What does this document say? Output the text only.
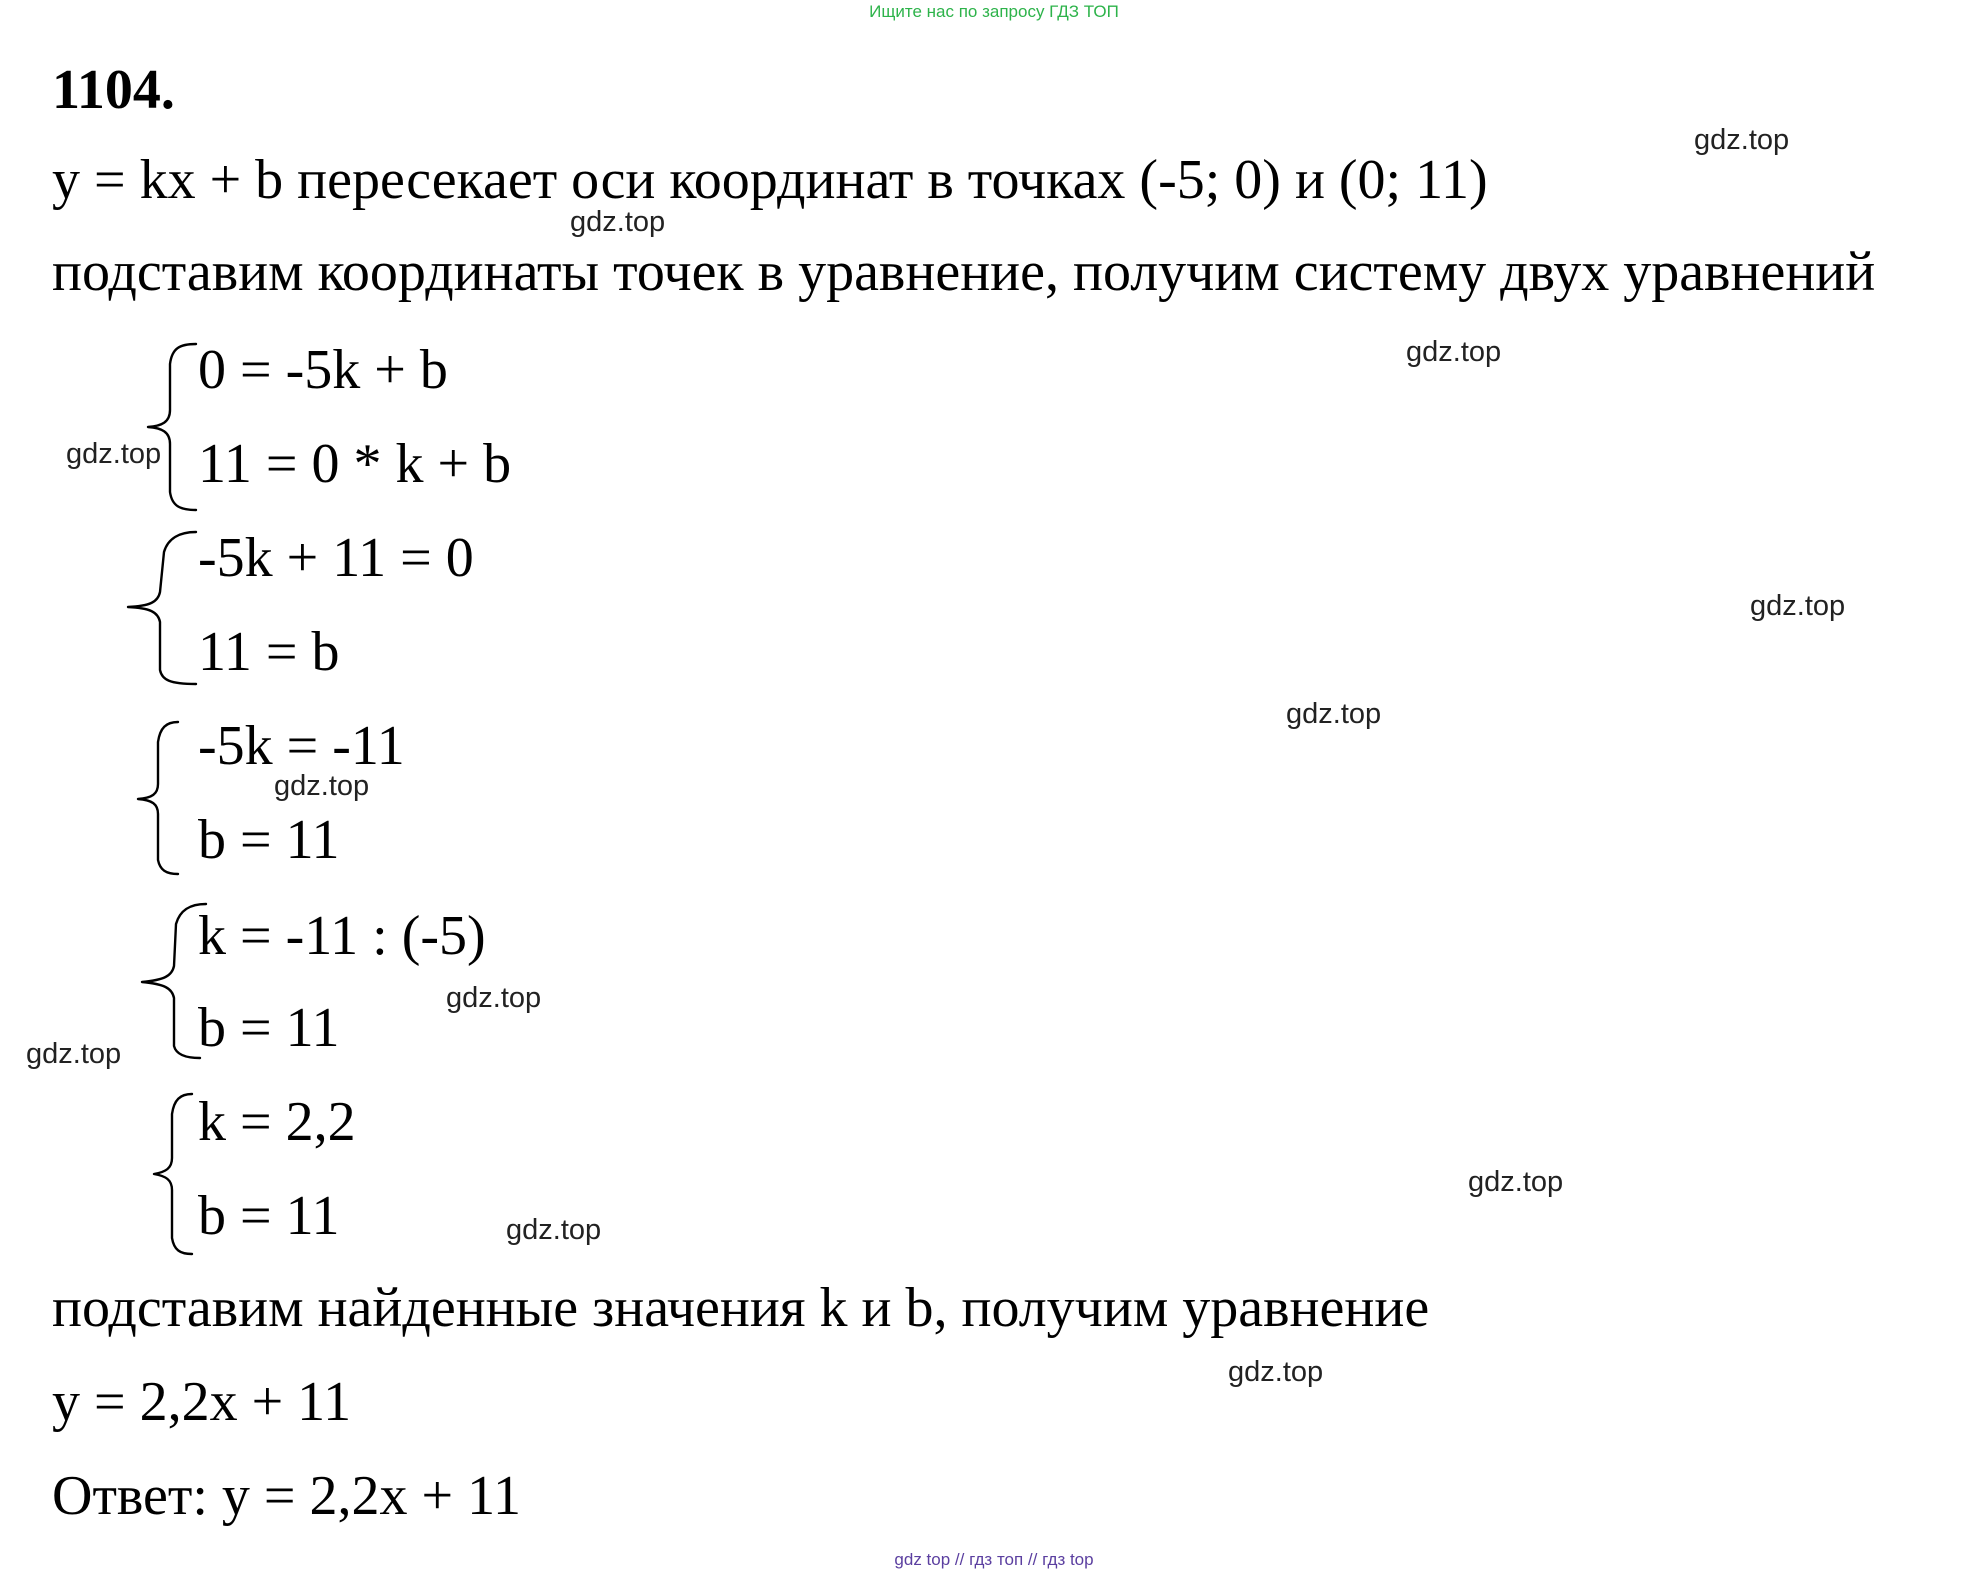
Ищите нас по запросу ГДЗ ТОП
1104.
y = kx + b пересекает оси координат в точках (-5; 0) и (0; 11)
подставим координаты точек в уравнение, получим систему двух уравнений
0 = -5k + b
11 = 0 * k + b
-5k + 11 = 0
11 = b
-5k = -11
b = 11
k = -11 : (-5)
b = 11
k = 2,2
b = 11
подставим найденные значения k и b, получим уравнение
y = 2,2x + 11
Ответ: y = 2,2x + 11
gdz.top
gdz.top
gdz.top
gdz.top
gdz.top
gdz.top
gdz.top
gdz.top
gdz.top
gdz.top
gdz.top
gdz.top
gdz top // гдз топ // гдз top
